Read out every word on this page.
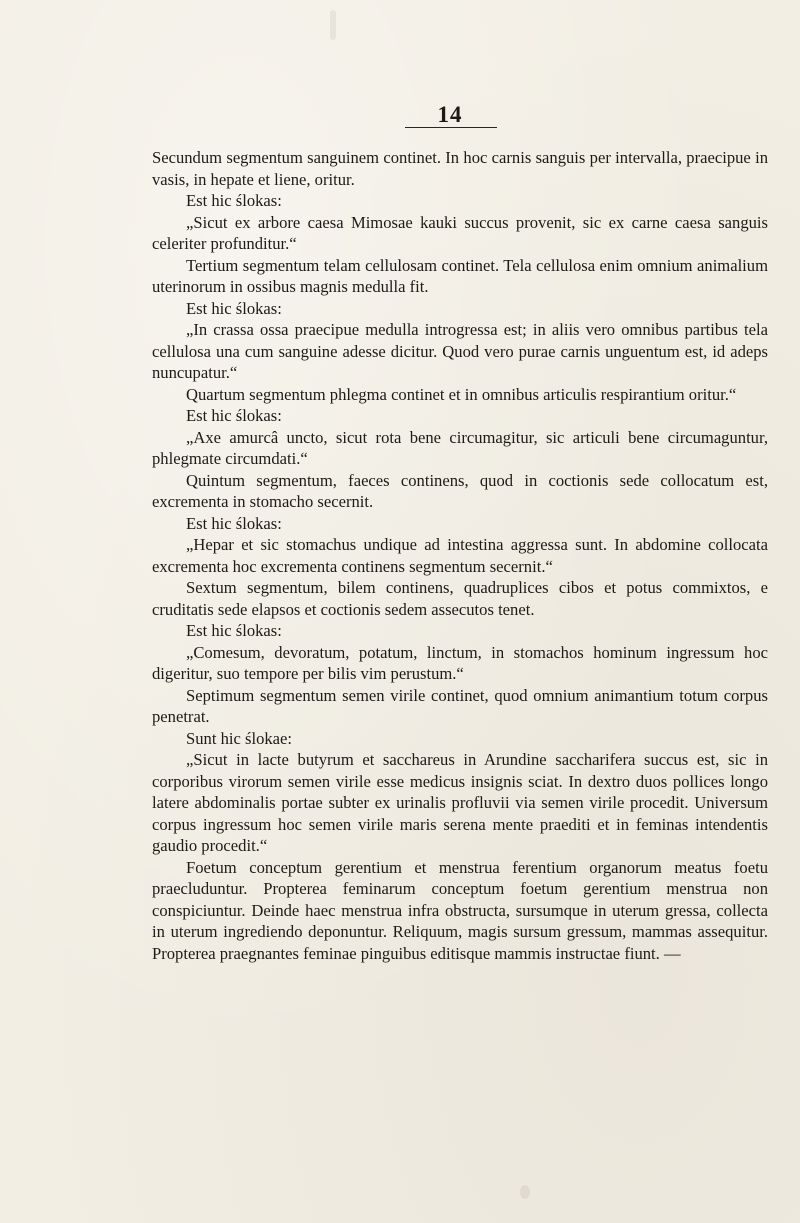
14

Secundum segmentum sanguinem continet. In hoc carnis sanguis per intervalla, praecipue in vasis, in hepate et liene, oritur.

Est hic ślokas:

„Sicut ex arbore caesa Mimosae kauki succus provenit, sic ex carne caesa sanguis celeriter profunditur.“

Tertium segmentum telam cellulosam continet. Tela cellulosa enim omnium animalium uterinorum in ossibus magnis medulla fit.

Est hic ślokas:

„In crassa ossa praecipue medulla introgressa est; in aliis vero omnibus partibus tela cellulosa una cum sanguine adesse dicitur. Quod vero purae carnis unguentum est, id adeps nuncupatur.“

Quartum segmentum phlegma continet et in omnibus articulis respirantium oritur.“

Est hic ślokas:

„Axe amurcâ uncto, sicut rota bene circumagitur, sic articuli bene circumaguntur, phlegmate circumdati.“

Quintum segmentum, faeces continens, quod in coctionis sede collocatum est, excrementa in stomacho secernit.

Est hic ślokas:

„Hepar et sic stomachus undique ad intestina aggressa sunt. In abdomine collocata excrementa hoc excrementa continens segmentum secernit.“

Sextum segmentum, bilem continens, quadruplices cibos et potus commixtos, e cruditatis sede elapsos et coctionis sedem assecutos tenet.

Est hic ślokas:

„Comesum, devoratum, potatum, linctum, in stomachos hominum ingressum hoc digeritur, suo tempore per bilis vim perustum.“

Septimum segmentum semen virile continet, quod omnium animantium totum corpus penetrat.

Sunt hic ślokae:

„Sicut in lacte butyrum et sacchareus in Arundine saccharifera succus est, sic in corporibus virorum semen virile esse medicus insignis sciat. In dextro duos pollices longo latere abdominalis portae subter ex urinalis profluvii via semen virile procedit. Universum corpus ingressum hoc semen virile maris serena mente praediti et in feminas intendentis gaudio procedit.“

Foetum conceptum gerentium et menstrua ferentium organorum meatus foetu praecluduntur. Propterea feminarum conceptum foetum gerentium menstrua non conspiciuntur. Deinde haec menstrua infra obstructa, sursumque in uterum gressa, collecta in uterum ingrediendo deponuntur. Reliquum, magis sursum gressum, mammas assequitur. Propterea praegnantes feminae pinguibus editisque mammis instructae fiunt. —
